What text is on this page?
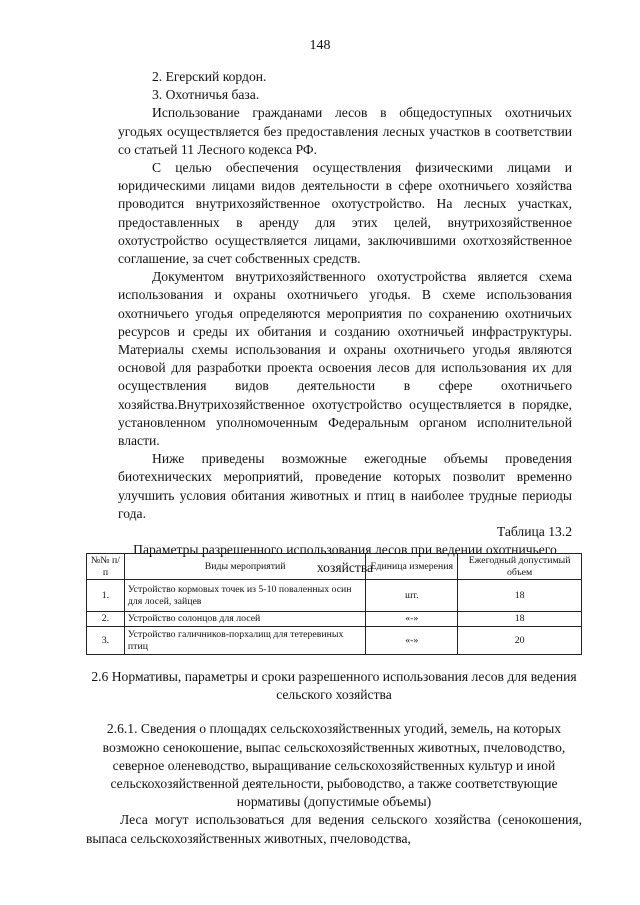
148

2. Егерский кордон.

3. Охотничья база.

Использование гражданами лесов в общедоступных охотничьих угодьях осуществляется без предоставления лесных участков в соответствии со статьей 11 Лесного кодекса РФ.

С целью обеспечения осуществления физическими лицами и юридическими лицами видов деятельности в сфере охотничьего хозяйства проводится внутрихозяйственное охотустройство. На лесных участках, предоставленных в аренду для этих целей, внутрихозяйственное охотустройство осуществляется лицами, заключившими охотхозяйственное соглашение, за счет собственных средств.

Документом внутрихозяйственного охотустройства является схема использования и охраны охотничьего угодья. В схеме использования охотничьего угодья определяются мероприятия по сохранению охотничьих ресурсов и среды их обитания и созданию охотничьей инфраструктуры. Материалы схемы использования и охраны охотничьего угодья являются основой для разработки проекта освоения лесов для использования их для осуществления видов деятельности в сфере охотничьего хозяйства.Внутрихозяйственное охотустройство осуществляется в порядке, установленном уполномоченным Федеральным органом исполнительной власти.

Ниже приведены возможные ежегодные объемы проведения биотехнических мероприятий, проведение которых позволит временно улучшить условия обитания животных и птиц в наиболее трудные периоды года.

Таблица 13.2

Параметры разрешенного использования лесов при ведении охотничьего хозяйства

№№ п/п	Виды мероприятий	Единица измерения	Ежегодный допустимый объем
1.	Устройство кормовых точек из 5-10 поваленных осин для лосей, зайцев	шт.	18
2.	Устройство солонцов для лосей	«-»	18
3.	Устройство галичников-порхалищ для тетеревиных птиц	«-»	20

2.6 Нормативы, параметры и сроки разрешенного использования лесов для ведения сельского хозяйства

2.6.1. Сведения о площадях сельскохозяйственных угодий, земель, на которых возможно сенокошение, выпас сельскохозяйственных животных, пчеловодство, северное оленеводство, выращивание сельскохозяйственных культур и иной сельскохозяйственной деятельности, рыбоводство, а также соответствующие нормативы (допустимые объемы)

Леса могут использоваться для ведения сельского хозяйства (сенокошения, выпаса сельскохозяйственных животных, пчеловодства,
